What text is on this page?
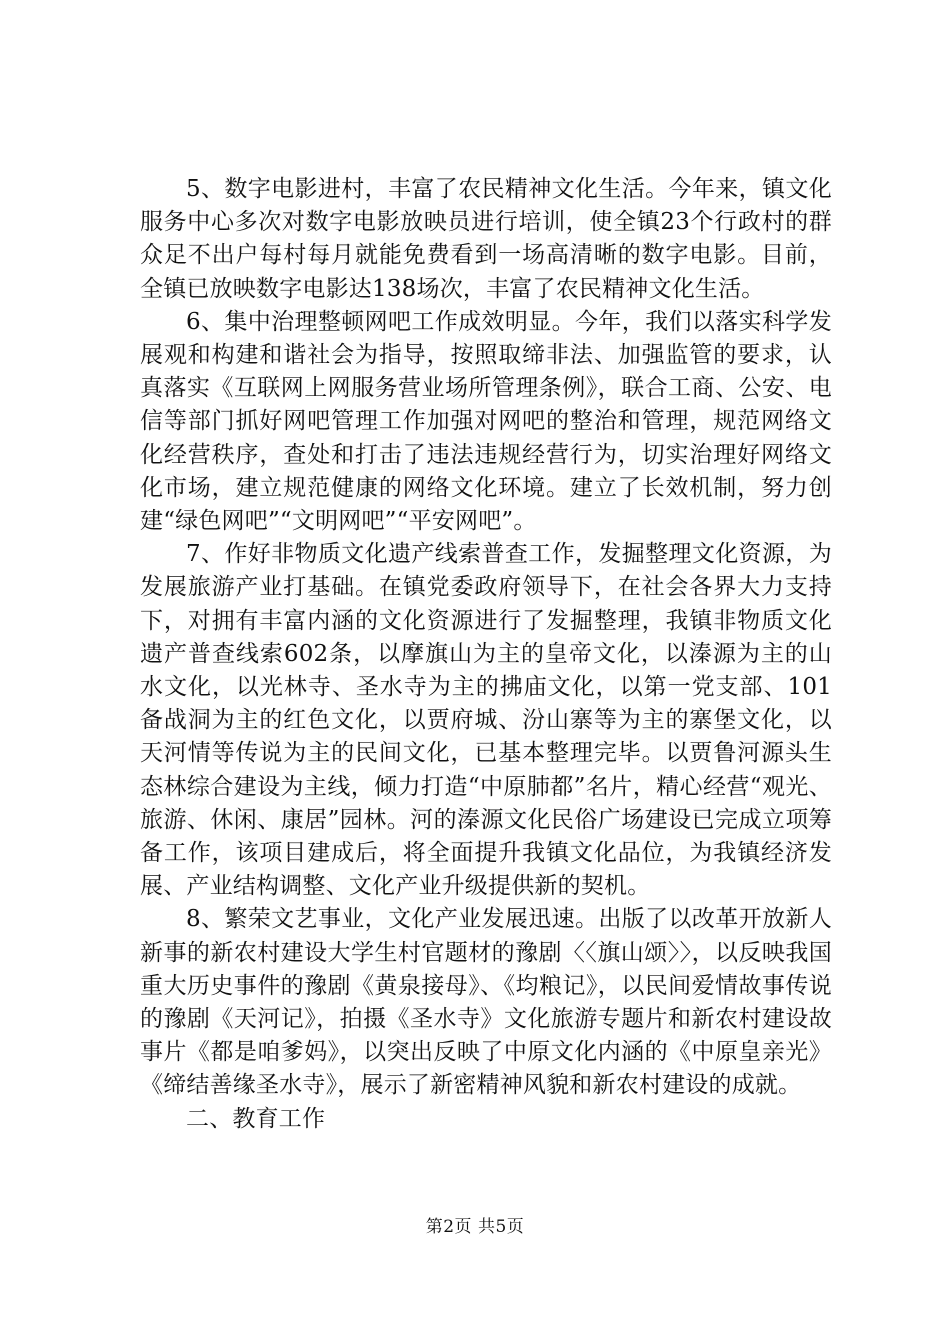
5、数字电影进村，丰富了农民精神文化生活。今年来，镇文化服务中心多次对数字电影放映员进行培训，使全镇23个行政村的群众足不出户每村每月就能免费看到一场高清晰的数字电影。目前，全镇已放映数字电影达138场次，丰富了农民精神文化生活。

6、集中治理整顿网吧工作成效明显。今年，我们以落实科学发展观和构建和谐社会为指导，按照取缔非法、加强监管的要求，认真落实《互联网上网服务营业场所管理条例》，联合工商、公安、电信等部门抓好网吧管理工作加强对网吧的整治和管理，规范网络文化经营秩序，查处和打击了违法违规经营行为，切实治理好网络文化市场，建立规范健康的网络文化环境。建立了长效机制，努力创建“绿色网吧”“文明网吧”“平安网吧”。

7、作好非物质文化遗产线索普查工作，发掘整理文化资源，为发展旅游产业打基础。在镇党委政府领导下，在社会各界大力支持下，对拥有丰富内涵的文化资源进行了发掘整理，我镇非物质文化遗产普查线索602条，以摩旗山为主的皇帝文化，以溱源为主的山水文化，以光林寺、圣水寺为主的拂庙文化，以第一党支部、101备战洞为主的红色文化，以贾府城、汾山寨等为主的寨堡文化，以天河情等传说为主的民间文化，已基本整理完毕。以贾鲁河源头生态林综合建设为主线，倾力打造“中原肺都”名片，精心经营“观光、旅游、休闲、康居”园林。河的溱源文化民俗广场建设已完成立项筹备工作，该项目建成后，将全面提升我镇文化品位，为我镇经济发展、产业结构调整、文化产业升级提供新的契机。

8、繁荣文艺事业，文化产业发展迅速。出版了以改革开放新人新事的新农村建设大学生村官题材的豫剧〈〈旗山颂〉〉，以反映我国重大历史事件的豫剧《黄泉接母》、《均粮记》，以民间爱情故事传说的豫剧《天河记》，拍摄《圣水寺》文化旅游专题片和新农村建设故事片《都是咱爹妈》，以突出反映了中原文化内涵的《中原皇亲光》《缔结善缘圣水寺》，展示了新密精神风貌和新农村建设的成就。

二、教育工作

第2页 共5页
